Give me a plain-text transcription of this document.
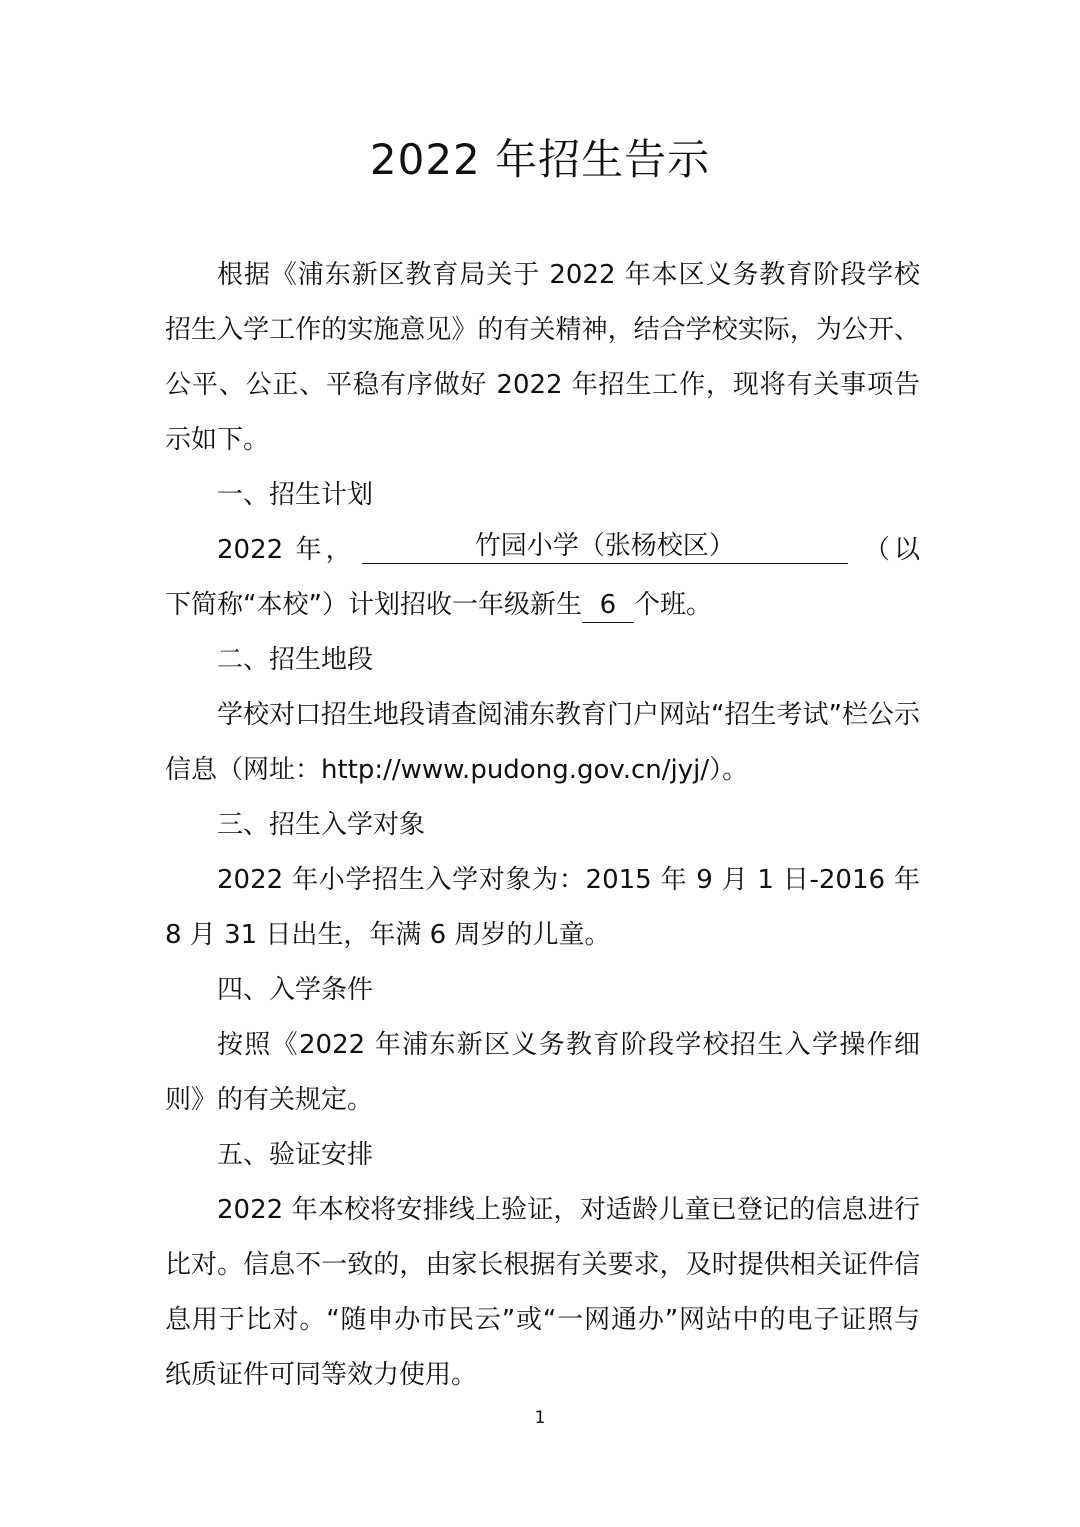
2022 年招生告示

根据《浦东新区教育局关于 2022 年本区义务教育阶段学校招生入学工作的实施意见》的有关精神，结合学校实际，为公开、公平、公正、平稳有序做好 2022 年招生工作，现将有关事项告示如下。

一、招生计划

2022 年，	竹园小学（张杨校区）	（以下简称“本校”）计划招收一年级新生 6 个班。

二、招生地段

学校对口招生地段请查阅浦东教育门户网站“招生考试”栏公示信息（网址：http://www.pudong.gov.cn/jyj/）。

三、招生入学对象

2022 年小学招生入学对象为：2015 年 9 月 1 日-2016 年 8 月 31 日出生，年满 6 周岁的儿童。

四、入学条件

按照《2022 年浦东新区义务教育阶段学校招生入学操作细则》的有关规定。

五、验证安排

2022 年本校将安排线上验证，对适龄儿童已登记的信息进行比对。信息不一致的，由家长根据有关要求，及时提供相关证件信息用于比对。“随申办市民云”或“一网通办”网站中的电子证照与纸质证件可同等效力使用。

1
